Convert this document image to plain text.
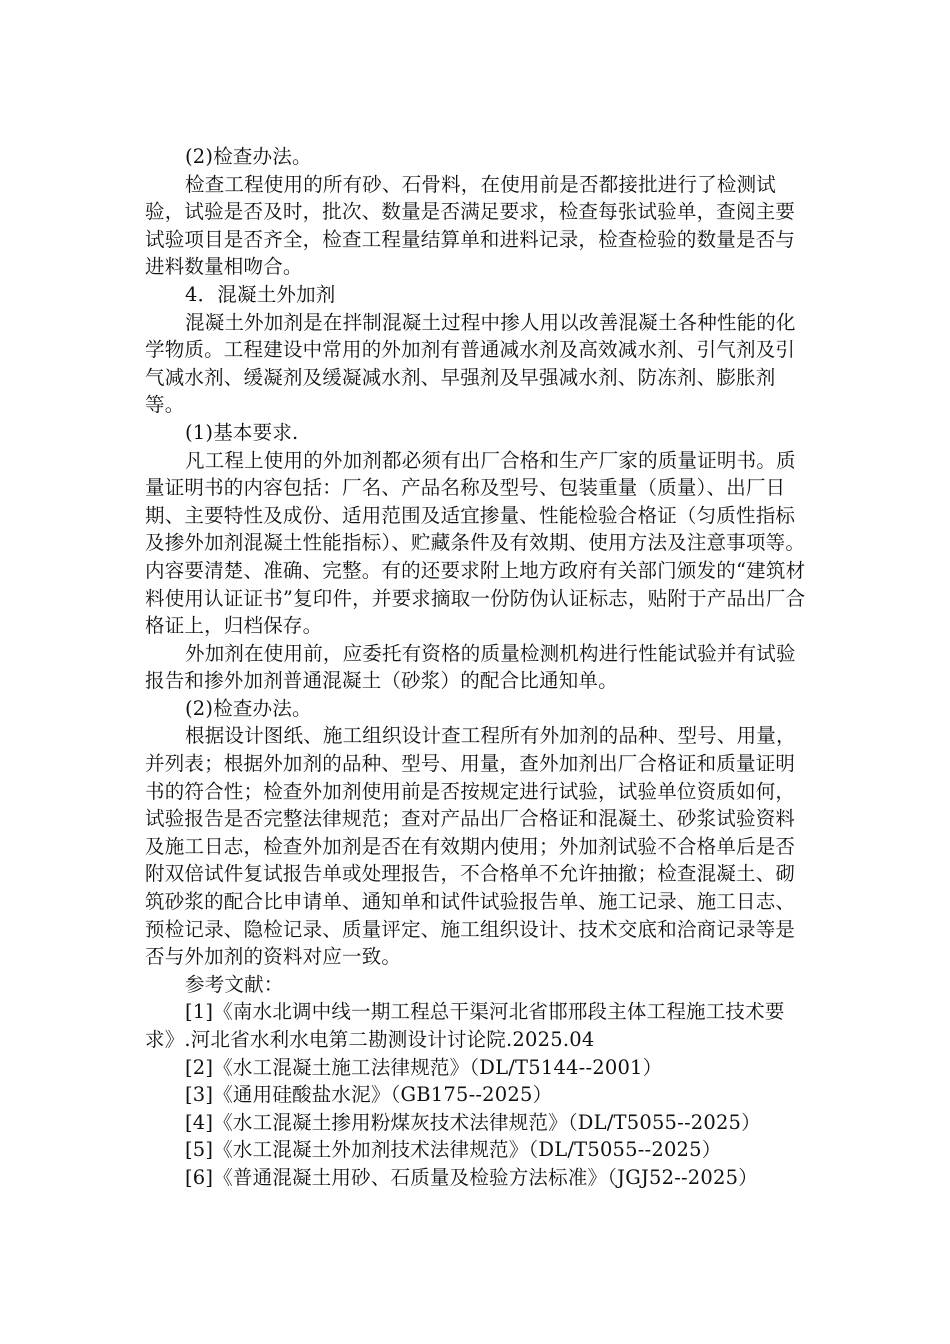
(2)检查办法。

检查工程使用的所有砂、石骨料，在使用前是否都接批进行了检测试验，试验是否及时，批次、数量是否满足要求，检查每张试验单，查阅主要试验项目是否齐全，检查工程量结算单和进料记录，检查检验的数量是否与进料数量相吻合。

4．混凝土外加剂

混凝土外加剂是在拌制混凝土过程中掺人用以改善混凝土各种性能的化学物质。工程建设中常用的外加剂有普通减水剂及高效减水剂、引气剂及引气减水剂、缓凝剂及缓凝减水剂、早强剂及早强减水剂、防冻剂、膨胀剂等。

(1)基本要求.

凡工程上使用的外加剂都必须有出厂合格和生产厂家的质量证明书。质量证明书的内容包括：厂名、产品名称及型号、包装重量（质量）、出厂日期、主要特性及成份、适用范围及适宜掺量、性能检验合格证（匀质性指标及掺外加剂混凝土性能指标）、贮藏条件及有效期、使用方法及注意事项等。内容要清楚、准确、完整。有的还要求附上地方政府有关部门颁发的“建筑材料使用认证证书”复印件，并要求摘取一份防伪认证标志，贴附于产品出厂合格证上，归档保存。

外加剂在使用前，应委托有资格的质量检测机构进行性能试验并有试验报告和掺外加剂普通混凝土（砂浆）的配合比通知单。

(2)检查办法。

根据设计图纸、施工组织设计查工程所有外加剂的品种、型号、用量，并列表；根据外加剂的品种、型号、用量，查外加剂出厂合格证和质量证明书的符合性；检查外加剂使用前是否按规定进行试验，试验单位资质如何，试验报告是否完整法律规范；查对产品出厂合格证和混凝土、砂浆试验资料及施工日志，检查外加剂是否在有效期内使用；外加剂试验不合格单后是否附双倍试件复试报告单或处理报告，不合格单不允许抽撤；检查混凝土、砌筑砂浆的配合比申请单、通知单和试件试验报告单、施工记录、施工日志、预检记录、隐检记录、质量评定、施工组织设计、技术交底和洽商记录等是否与外加剂的资料对应一致。

参考文献：

[1]《南水北调中线一期工程总干渠河北省邯邢段主体工程施工技术要求》.河北省水利水电第二勘测设计讨论院.2025.04

[2]《水工混凝土施工法律规范》（DL/T5144--2001）

[3]《通用硅酸盐水泥》（GB175--2025）

[4]《水工混凝土掺用粉煤灰技术法律规范》（DL/T5055--2025）

[5]《水工混凝土外加剂技术法律规范》（DL/T5055--2025）

[6]《普通混凝土用砂、石质量及检验方法标准》（JGJ52--2025）
